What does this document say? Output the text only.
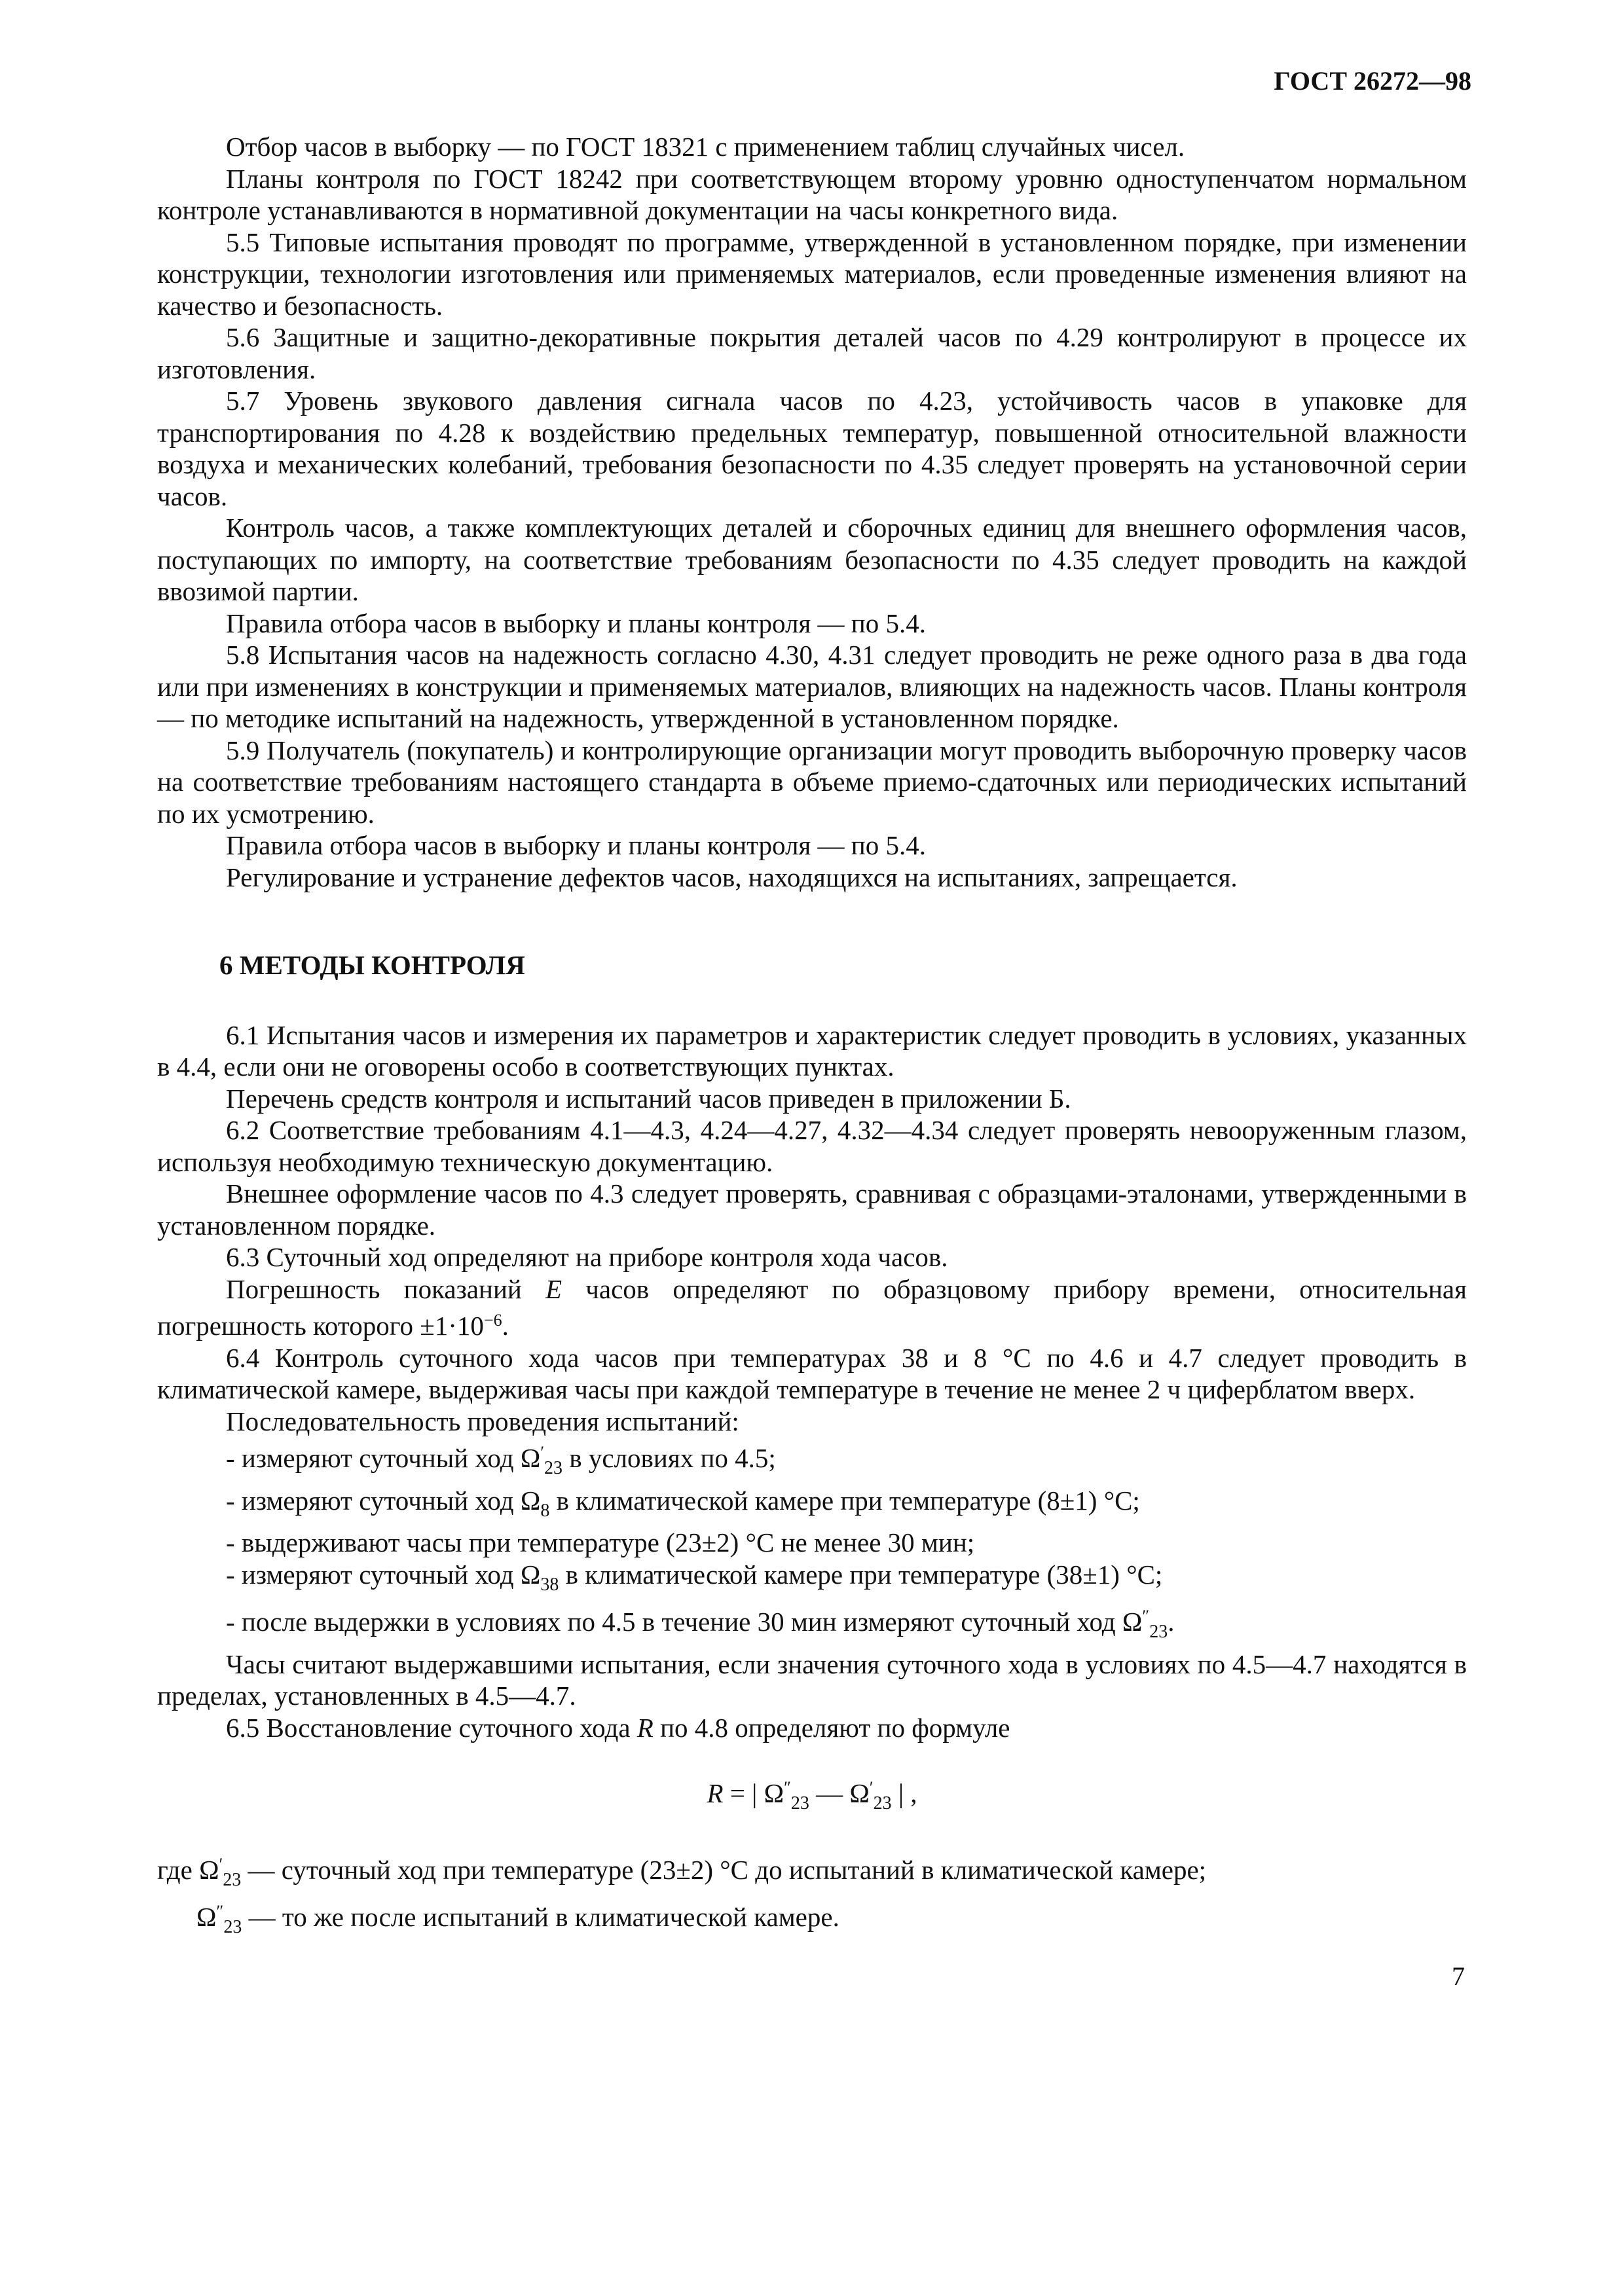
ГОСТ 26272—98

Отбор часов в выборку — по ГОСТ 18321 с применением таблиц случайных чисел.

Планы контроля по ГОСТ 18242 при соответствующем второму уровню одноступенчатом нормальном контроле устанавливаются в нормативной документации на часы конкретного вида.

5.5 Типовые испытания проводят по программе, утвержденной в установленном порядке, при изменении конструкции, технологии изготовления или применяемых материалов, если проведенные изменения влияют на качество и безопасность.

5.6 Защитные и защитно-декоративные покрытия деталей часов по 4.29 контролируют в процессе их изготовления.

5.7 Уровень звукового давления сигнала часов по 4.23, устойчивость часов в упаковке для транспортирования по 4.28 к воздействию предельных температур, повышенной относительной влажности воздуха и механических колебаний, требования безопасности по 4.35 следует проверять на установочной серии часов.

Контроль часов, а также комплектующих деталей и сборочных единиц для внешнего оформления часов, поступающих по импорту, на соответствие требованиям безопасности по 4.35 следует проводить на каждой ввозимой партии.

Правила отбора часов в выборку и планы контроля — по 5.4.

5.8 Испытания часов на надежность согласно 4.30, 4.31 следует проводить не реже одного раза в два года или при изменениях в конструкции и применяемых материалов, влияющих на надежность часов. Планы контроля — по методике испытаний на надежность, утвержденной в установленном порядке.

5.9 Получатель (покупатель) и контролирующие организации могут проводить выборочную проверку часов на соответствие требованиям настоящего стандарта в объеме приемо-сдаточных или периодических испытаний по их усмотрению.

Правила отбора часов в выборку и планы контроля — по 5.4.

Регулирование и устранение дефектов часов, находящихся на испытаниях, запрещается.

6 МЕТОДЫ КОНТРОЛЯ

6.1 Испытания часов и измерения их параметров и характеристик следует проводить в условиях, указанных в 4.4, если они не оговорены особо в соответствующих пунктах.

Перечень средств контроля и испытаний часов приведен в приложении Б.

6.2 Соответствие требованиям 4.1—4.3, 4.24—4.27, 4.32—4.34 следует проверять невооруженным глазом, используя необходимую техническую документацию.

Внешнее оформление часов по 4.3 следует проверять, сравнивая с образцами-эталонами, утвержденными в установленном порядке.

6.3 Суточный ход определяют на приборе контроля хода часов.

Погрешность показаний E часов определяют по образцовому прибору времени, относительная погрешность которого $\pm 1\cdot 10^{-6}$.

6.4 Контроль суточного хода часов при температурах 38 и 8 °С по 4.6 и 4.7 следует проводить в климатической камере, выдерживая часы при каждой температуре в течение не менее 2 ч циферблатом вверх.

Последовательность проведения испытаний:

- измеряют суточный ход $\Omega'_{23}$ в условиях по 4.5;

- измеряют суточный ход $\Omega_8$ в климатической камере при температуре (8±1) °С;

- выдерживают часы при температуре (23±2) °С не менее 30 мин;

- измеряют суточный ход $\Omega_{38}$ в климатической камере при температуре (38±1) °С;

- после выдержки в условиях по 4.5 в течение 30 мин измеряют суточный ход $\Omega''_{23}$.

Часы считают выдержавшими испытания, если значения суточного хода в условиях по 4.5—4.7 находятся в пределах, установленных в 4.5—4.7.

6.5 Восстановление суточного хода R по 4.8 определяют по формуле

R = | $\Omega''_{23}$ — $\Omega'_{23}$ | ,

где $\Omega'_{23}$ — суточный ход при температуре (23±2) °С до испытаний в климатической камере;

$\Omega''_{23}$ — то же после испытаний в климатической камере.

7
